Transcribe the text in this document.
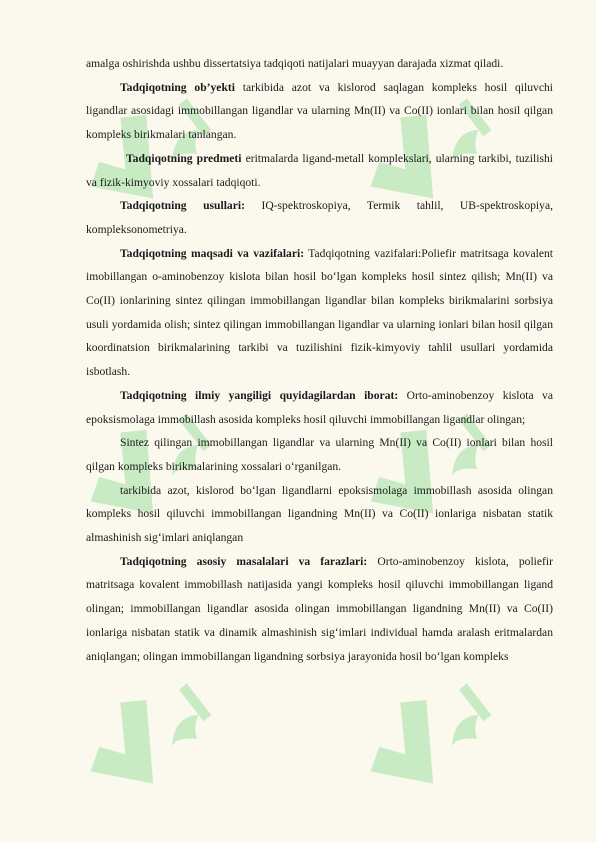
amalga oshirishda ushbu dissertatsiya tadqiqoti natijalari muayyan darajada xizmat qiladi.

Tadqiqotning ob’yekti tarkibida azot va kislorod saqlagan kompleks hosil qiluvchi ligandlar asosidagi immobillangan ligandlar va ularning Mn(II) va Co(II) ionlari bilan hosil qilgan kompleks birikmalari tanlangan.

Tadqiqotning predmeti eritmalarda ligand-metall komplekslari, ularning tarkibi, tuzilishi va fizik-kimyoviy xossalari tadqiqoti.

Tadqiqotning usullari: IQ-spektroskopiya, Termik tahlil, UB-spektroskopiya, kompleksonometriya.

Tadqiqotning maqsadi va vazifalari: Tadqiqotning vazifalari:Poliefir matritsaga kovalent imobillangan o-aminobenzoy kislota bilan hosil bo‘lgan kompleks hosil sintez qilish; Mn(II) va Co(II) ionlarining sintez qilingan immobillangan ligandlar bilan kompleks birikmalarini sorbsiya usuli yordamida olish; sintez qilingan immobillangan ligandlar va ularning ionlari bilan hosil qilgan koordinatsion birikmalarining tarkibi va tuzilishini fizik-kimyoviy tahlil usullari yordamida isbotlash.

Tadqiqotning ilmiy yangiligi quyidagilardan iborat: Orto-aminobenzoy kislota va epoksismolaga immobillash asosida kompleks hosil qiluvchi immobillangan ligandlar olingan;

Sintez qilingan immobillangan ligandlar va ularning Mn(II) va Co(II) ionlari bilan hosil qilgan kompleks birikmalarining xossalari o‘rganilgan.

tarkibida azot, kislorod bo‘lgan ligandlarni epoksismolaga immobillash asosida olingan kompleks hosil qiluvchi immobillangan ligandning Mn(II) va Co(II) ionlariga nisbatan statik almashinish sig‘imlari aniqlangan

Tadqiqotning asosiy masalalari va farazlari: Orto-aminobenzoy kislota, poliefir matritsaga kovalent immobillash natijasida yangi kompleks hosil qiluvchi immobillangan ligand olingan; immobillangan ligandlar asosida olingan immobillangan ligandning Mn(II) va Co(II) ionlariga nisbatan statik va dinamik almashinish sig‘imlari individual hamda aralash eritmalardan aniqlangan; olingan immobillangan ligandning sorbsiya jarayonida hosil bo‘lgan kompleks
